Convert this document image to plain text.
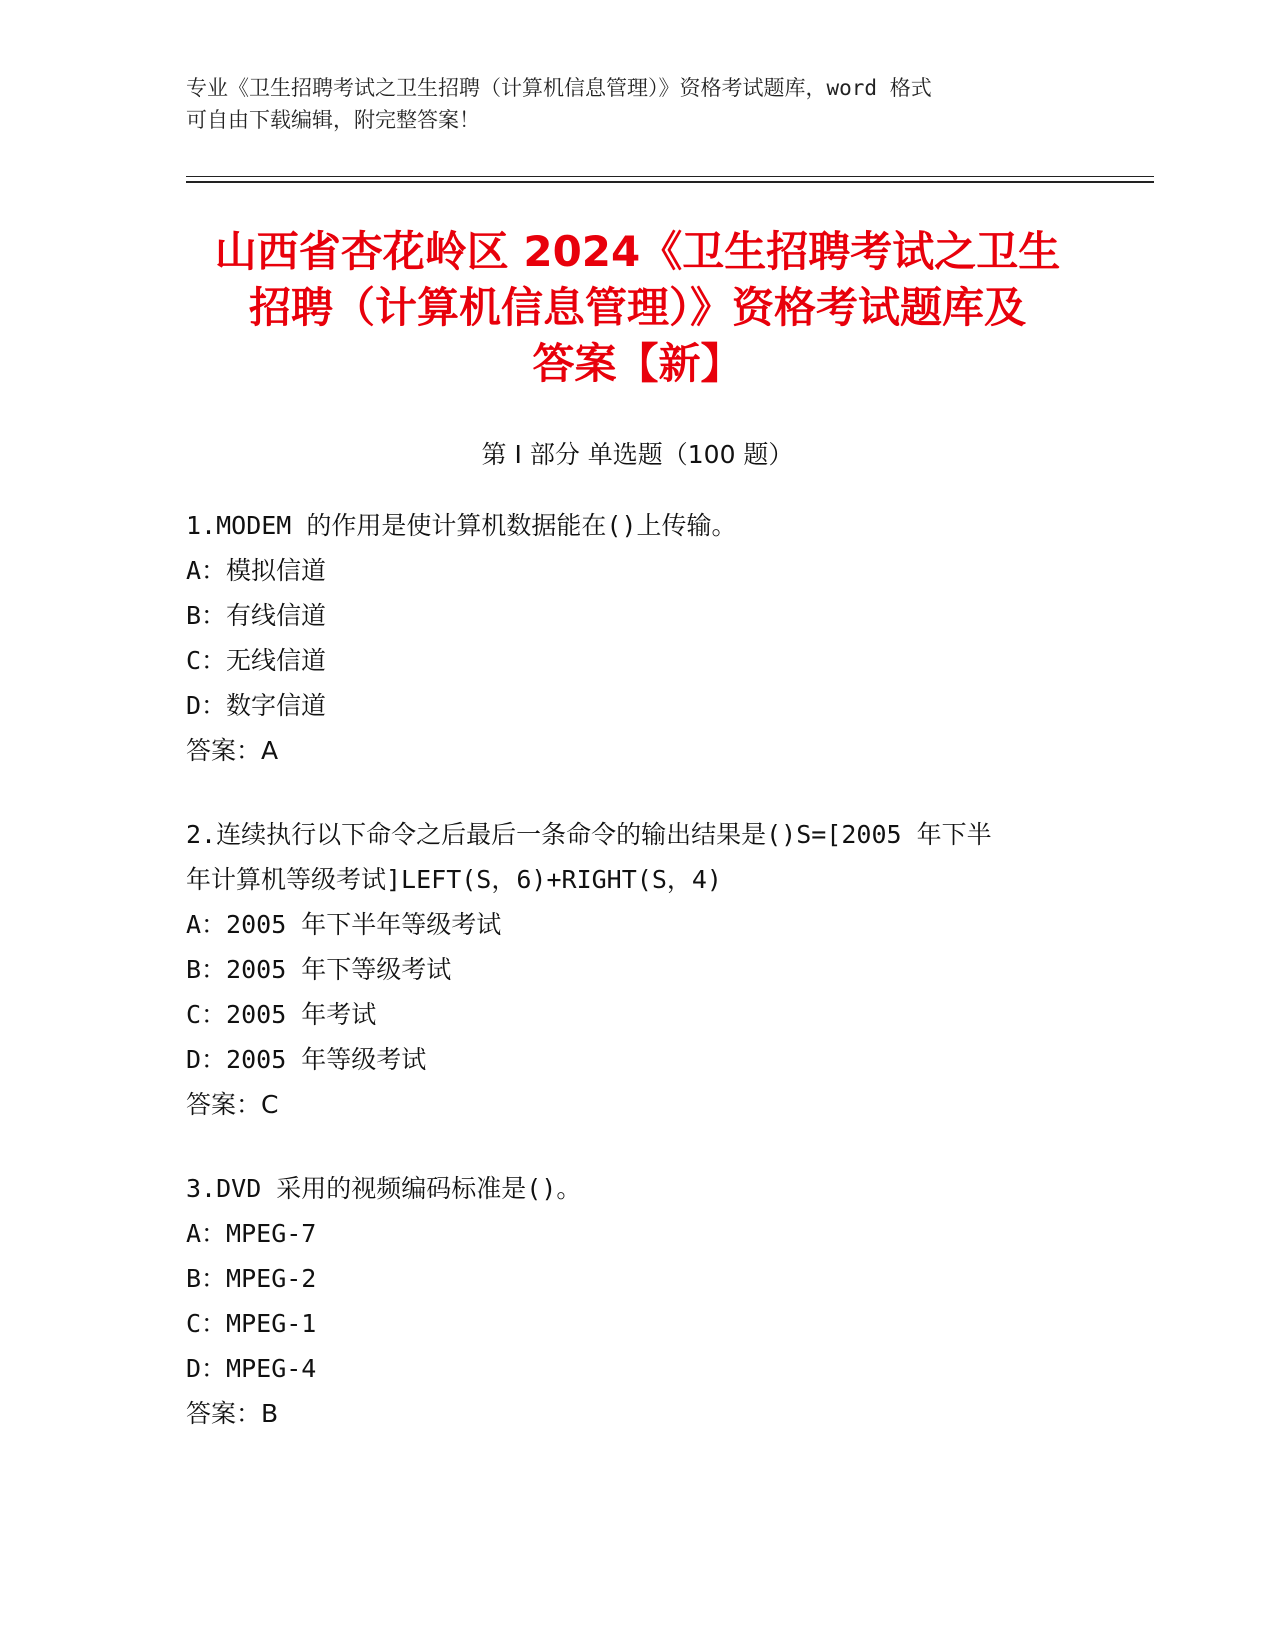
专业《卫生招聘考试之卫生招聘（计算机信息管理）》资格考试题库，word 格式
可自由下载编辑，附完整答案！
山西省杏花岭区 2024《卫生招聘考试之卫生
招聘（计算机信息管理）》资格考试题库及
答案【新】
第 I 部分 单选题（100 题）
1.MODEM 的作用是使计算机数据能在()上传输。
A：模拟信道
B：有线信道
C：无线信道
D：数字信道
答案：A
2.连续执行以下命令之后最后一条命令的输出结果是()S=[2005 年下半
年计算机等级考试]LEFT(S，6)+RIGHT(S，4)
A：2005 年下半年等级考试
B：2005 年下等级考试
C：2005 年考试
D：2005 年等级考试
答案：C
3.DVD 采用的视频编码标准是()。
A：MPEG-7
B：MPEG-2
C：MPEG-1
D：MPEG-4
答案：B
